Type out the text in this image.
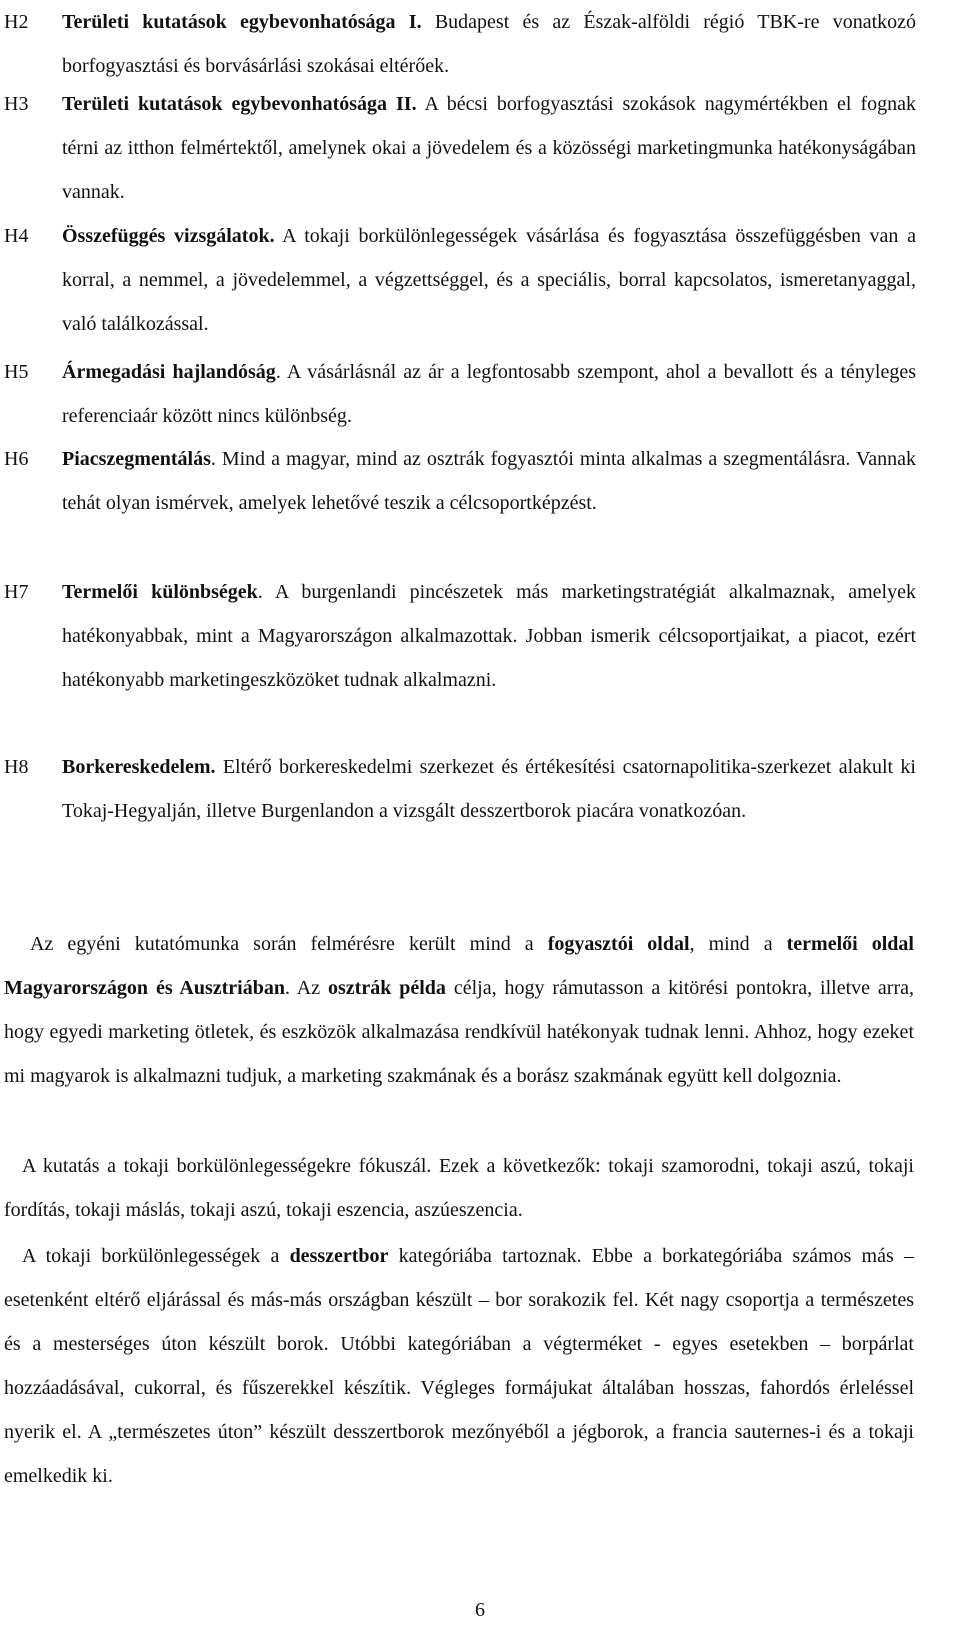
H2 Területi kutatások egybevonhatósága I. Budapest és az Észak-alföldi régió TBK-re vonatkozó borfogyasztási és borvásárlási szokásai eltérőek.
H3 Területi kutatások egybevonhatósága II. A bécsi borfogyasztási szokások nagymértékben el fognak térni az itthon felmértektől, amelynek okai a jövedelem és a közösségi marketingmunka hatékonyságában vannak.
H4 Összefüggés vizsgálatok. A tokaji borkülönlegességek vásárlása és fogyasztása összefüggésben van a korral, a nemmel, a jövedelemmel, a végzettséggel, és a speciális, borral kapcsolatos, ismeretanyaggal, való találkozással.
H5 Ármegadási hajlandóság. A vásárlásnál az ár a legfontosabb szempont, ahol a bevallott és a tényleges referenciaár között nincs különbség.
H6 Piacszegmentálás. Mind a magyar, mind az osztrák fogyasztói minta alkalmas a szegmentálásra. Vannak tehát olyan ismérvek, amelyek lehetővé teszik a célcsoportképzést.
H7 Termelői különbségek. A burgenlandi pincészetek más marketingstratégiát alkalmaznak, amelyek hatékonyabbak, mint a Magyarországon alkalmazottak. Jobban ismerik célcsoportjaikat, a piacot, ezért hatékonyabb marketingeszközöket tudnak alkalmazni.
H8 Borkereskedelem. Eltérő borkereskedelmi szerkezet és értékesítési csatornapolitika-szerkezet alakult ki Tokaj-Hegyalján, illetve Burgenlandon a vizsgált desszertborok piacára vonatkozóan.
Az egyéni kutatómunka során felmérésre került mind a fogyasztói oldal, mind a termelői oldal Magyarországon és Ausztriában. Az osztrák példa célja, hogy rámutasson a kitörési pontokra, illetve arra, hogy egyedi marketing ötletek, és eszközök alkalmazása rendkívül hatékonyak tudnak lenni. Ahhoz, hogy ezeket mi magyarok is alkalmazni tudjuk, a marketing szakmának és a borász szakmának együtt kell dolgoznia.
A kutatás a tokaji borkülönlegességekre fókuszál. Ezek a következők: tokaji szamorodni, tokaji aszú, tokaji fordítás, tokaji máslás, tokaji aszú, tokaji eszencia, aszúeszencia.
A tokaji borkülönlegességek a desszertbor kategóriába tartoznak. Ebbe a borkategóriába számos más –esetenként eltérő eljárással és más-más országban készült – bor sorakozik fel. Két nagy csoportja a természetes és a mesterséges úton készült borok. Utóbbi kategóriában a végterméket - egyes esetekben – borpárlat hozzáadásával, cukorral, és fűszerekkel készítik. Végleges formájukat általában hosszas, fahordós érleléssel nyerik el. A „természetes úton” készült desszertborok mezőnyéből a jégborok, a francia sauternes-i és a tokaji emelkedik ki.
6
